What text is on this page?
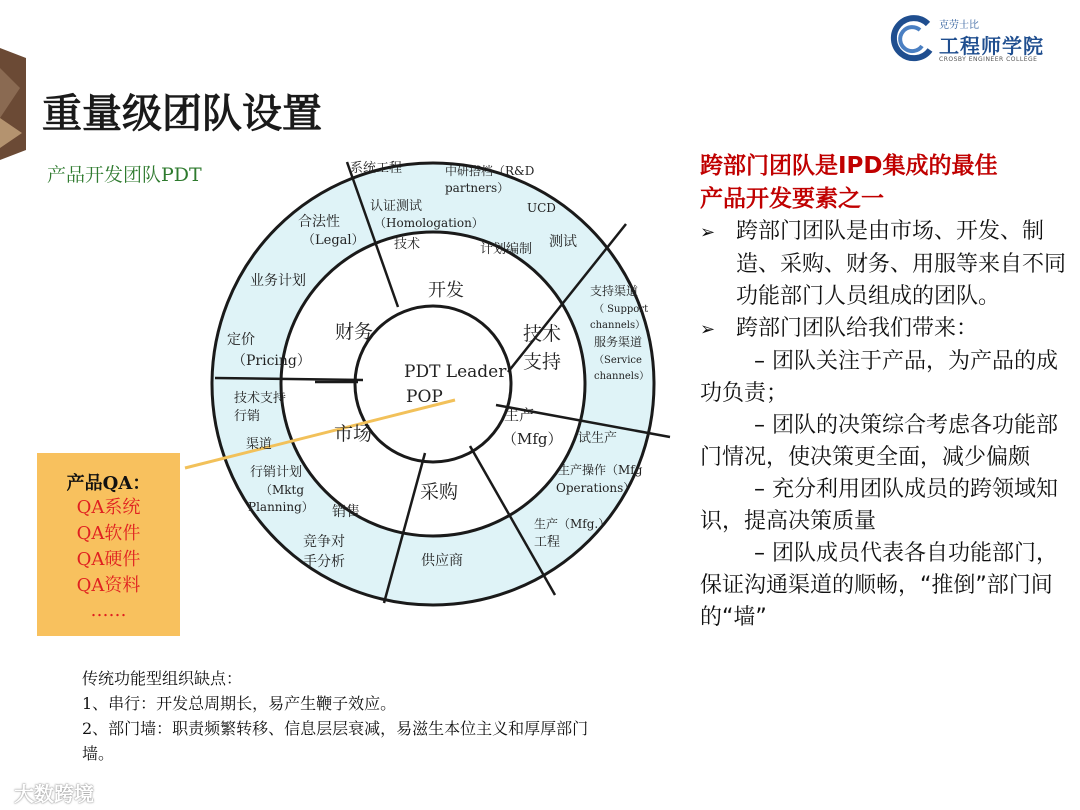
重量级团队设置
克劳士比
工程师学院
CROSBY ENGINEER COLLEGE
产品开发团队PDT
PDT Leader
POP
开发
财务	技术
支持
市场
采购
生产
（Mfg）
系统工程	中研搭档（R&D
partners）
UCD
认证测试
（Homologation）
技术	计划编制 测试
合法性
（Legal）
业务计划
定价
（Pricing）
支持渠道
（ Support
channels）
服务渠道
（Service
channels）
技术支持
行销
渠道
行销计划
（Mktg
Planning） 销售
竞争对
手分析	供应商
试生产
生产操作（Mfg
Operations）
生产（Mfg.）
工程
产品QA：
QA系统
QA软件
QA硬件
QA资料
……
跨部门团队是IPD集成的最佳
产品开发要素之一
➢ 跨部门团队是由市场、开发、制造、采购、财务、用服等来自不同功能部门人员组成的团队。
➢ 跨部门团队给我们带来：
– 团队关注于产品，为产品的成功负责；
– 团队的决策综合考虑各功能部门情况，使决策更全面，减少偏颇
– 充分利用团队成员的跨领域知识，提高决策质量
– 团队成员代表各自功能部门，保证沟通渠道的顺畅，“推倒”部门间的“墙”
传统功能型组织缺点：
1、串行：开发总周期长，易产生鞭子效应。
2、部门墙：职责频繁转移、信息层层衰减，易滋生本位主义和厚厚部门墙。
大数跨境
